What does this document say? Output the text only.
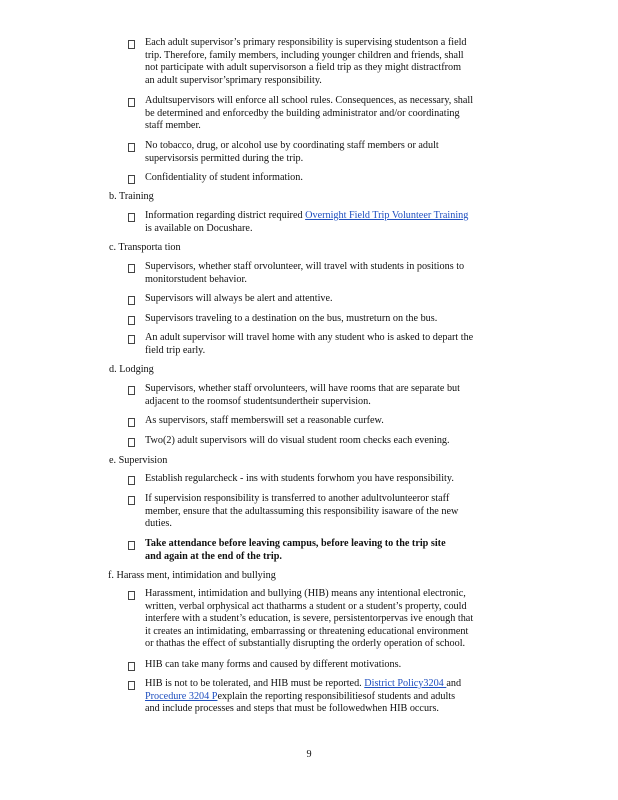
Each adult supervisor’s primary responsibility is supervising studentson a field
trip. Therefore, family members, including younger children and friends, shall
not participate with adult supervisorson a field trip as they might distractfrom
an adult supervisor’sprimary responsibility.
Adultsupervisors will enforce all school rules. Consequences, as necessary, shall
be determined and enforcedby the building administrator and/or coordinating
staff member.
No tobacco, drug, or alcohol use by coordinating staff members or adult
supervisorsis permitted during the trip.
Confidentiality of student information.
b. Training
Information regarding district required Overnight Field Trip Volunteer Training
is available on Docushare.
c. Transporta tion
Supervisors, whether staff orvolunteer, will travel with students in positions to
monitorstudent behavior.
Supervisors will always be alert and attentive.
Supervisors traveling to a destination on the bus, mustreturn on the bus.
An adult supervisor will travel home with any student who is asked to depart the
field trip early.
d. Lodging
Supervisors, whether staff orvolunteers, will have rooms that are separate but
adjacent to the roomsof studentsundertheir supervision.
As supervisors, staff memberswill set a reasonable curfew.
Two(2) adult supervisors will do visual student room checks each evening.
e. Supervision
Establish regularcheck - ins with students forwhom you have responsibility.
If supervision responsibility is transferred to another adultvolunteeror staff
member, ensure that the adultassuming this responsibility isaware of the new
duties.
Take attendance before leaving campus, before leaving to the trip site
and again at the end of the trip.
f. Harass ment, intimidation and bullying
Harassment, intimidation and bullying (HIB) means any intentional electronic,
written, verbal orphysical act thatharms a student or a student’s property, could
interfere with a student’s education, is severe, persistentorpervas ive enough that
it creates an intimidating, embarrassing or threatening educational environment
or thathas the effect of substantially disrupting the orderly operation of school.
HIB can take many forms and caused by different motivations.
HIB is not to be tolerated, and HIB must be reported. District Policy3204 and
Procedure 3204 Pexplain the reporting responsibilitiesof students and adults
and include processes and steps that must be followedwhen HIB occurs.
9
